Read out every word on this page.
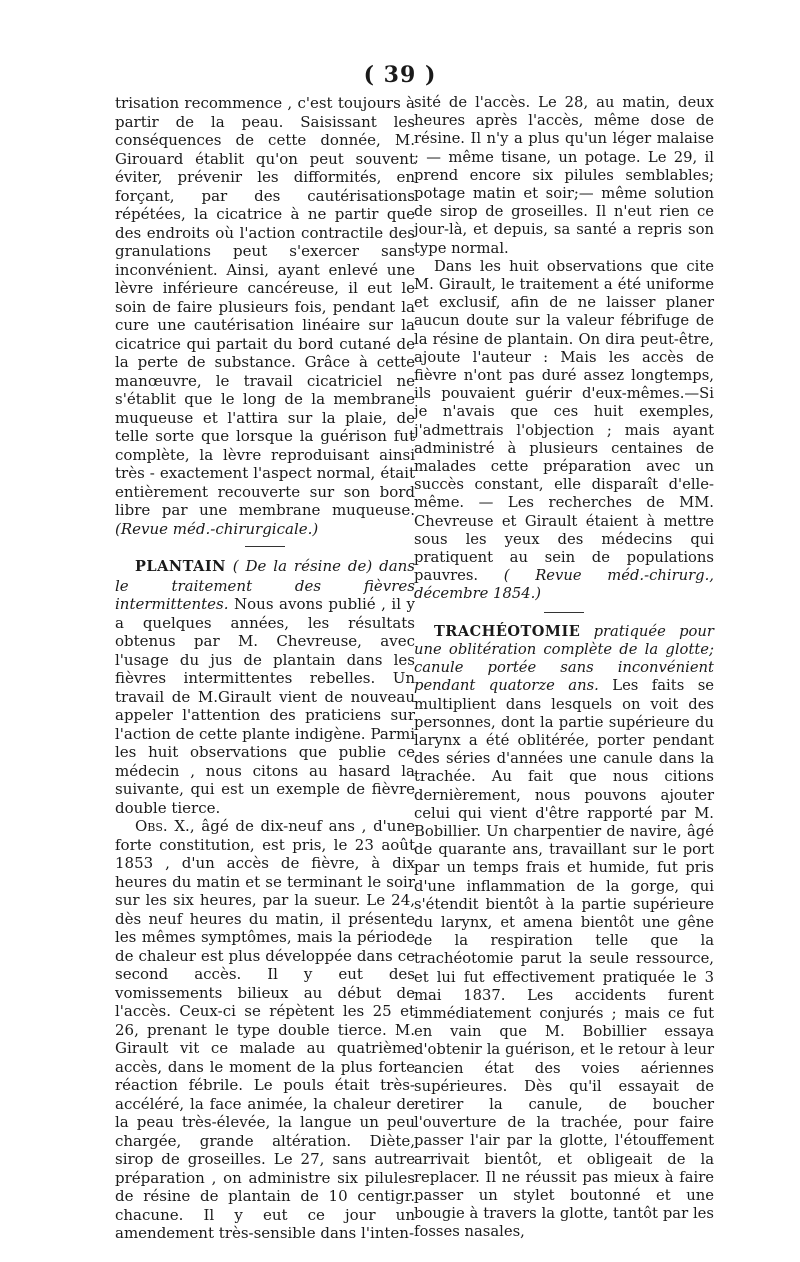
( 39 )

trisation recommence , c'est toujours à partir de la peau. Saisissant les conséquences de cette donnée, M. Girouard établit qu'on peut souvent éviter, prévenir les difformités, en forçant, par des cautérisations répétées, la cicatrice à ne partir que des endroits où l'action contractile des granulations peut s'exercer sans inconvénient. Ainsi, ayant enlevé une lèvre inférieure cancéreuse, il eut le soin de faire plusieurs fois, pendant la cure une cautérisation linéaire sur la cicatrice qui partait du bord cutané de la perte de substance. Grâce à cette manœuvre, le travail cicatriciel ne s'établit que le long de la membrane muqueuse et l'attira sur la plaie, de telle sorte que lorsque la guérison fut complète, la lèvre reproduisant ainsi très - exactement l'aspect normal, était entièrement recouverte sur son bord libre par une membrane muqueuse. (Revue méd.-chirurgicale.)

PLANTAIN ( De la résine de) dans le traitement des fièvres intermittentes. Nous avons publié , il y a quelques années, les résultats obtenus par M. Chevreuse, avec l'usage du jus de plantain dans les fièvres intermittentes rebelles. Un travail de M.Girault vient de nouveau appeler l'attention des praticiens sur l'action de cette plante indigène. Parmi les huit observations que publie ce médecin , nous citons au hasard la suivante, qui est un exemple de fièvre double tierce.

Obs. X., âgé de dix-neuf ans , d'une forte constitution, est pris, le 23 août 1853 , d'un accès de fièvre, à dix heures du matin et se terminant le soir sur les six heures, par la sueur. Le 24, dès neuf heures du matin, il présente les mêmes symptômes, mais la période de chaleur est plus développée dans ce second accès. Il y eut des vomissements bilieux au début de l'accès. Ceux-ci se répètent les 25 et 26, prenant le type double tierce. M. Girault vit ce malade au quatrième accès, dans le moment de la plus forte réaction fébrile. Le pouls était très-accéléré, la face animée, la chaleur de la peau très-élevée, la langue un peu chargée, grande altération. Diète, sirop de groseilles. Le 27, sans autre préparation , on administre six pilules de résine de plantain de 10 centigr. chacune. Il y eut ce jour un amendement très-sensible dans l'inten-

sité de l'accès. Le 28, au matin, deux heures après l'accès, même dose de résine. Il n'y a plus qu'un léger malaise ; — même tisane, un potage. Le 29, il prend encore six pilules semblables; potage matin et soir;— même solution de sirop de groseilles. Il n'eut rien ce jour-là, et depuis, sa santé a repris son type normal.

Dans les huit observations que cite M. Girault, le traitement a été uniforme et exclusif, afin de ne laisser planer aucun doute sur la valeur fébrifuge de la résine de plantain. On dira peut-être, ajoute l'auteur : Mais les accès de fièvre n'ont pas duré assez longtemps, ils pouvaient guérir d'eux-mêmes.—Si je n'avais que ces huit exemples, j'admettrais l'objection ; mais ayant administré à plusieurs centaines de malades cette préparation avec un succès constant, elle disparaît d'elle-même. — Les recherches de MM. Chevreuse et Girault étaient à mettre sous les yeux des médecins qui pratiquent au sein de populations pauvres. ( Revue méd.-chirurg., décembre 1854.)

TRACHÉOTOMIE pratiquée pour une oblitération complète de la glotte; canule portée sans inconvénient pendant quatorze ans. Les faits se multiplient dans lesquels on voit des personnes, dont la partie supérieure du larynx a été oblitérée, porter pendant des séries d'années une canule dans la trachée. Au fait que nous citions dernièrement, nous pouvons ajouter celui qui vient d'être rapporté par M. Bobillier. Un charpentier de navire, âgé de quarante ans, travaillant sur le port par un temps frais et humide, fut pris d'une inflammation de la gorge, qui s'étendit bientôt à la partie supérieure du larynx, et amena bientôt une gêne de la respiration telle que la trachéotomie parut la seule ressource, et lui fut effectivement pratiquée le 3 mai 1837. Les accidents furent immédiatement conjurés ; mais ce fut en vain que M. Bobillier essaya d'obtenir la guérison, et le retour à leur ancien état des voies aériennes supérieures. Dès qu'il essayait de retirer la canule, de boucher l'ouverture de la trachée, pour faire passer l'air par la glotte, l'étouffement arrivait bientôt, et obligeait de la replacer. Il ne réussit pas mieux à faire passer un stylet boutonné et une bougie à travers la glotte, tantôt par les fosses nasales,
